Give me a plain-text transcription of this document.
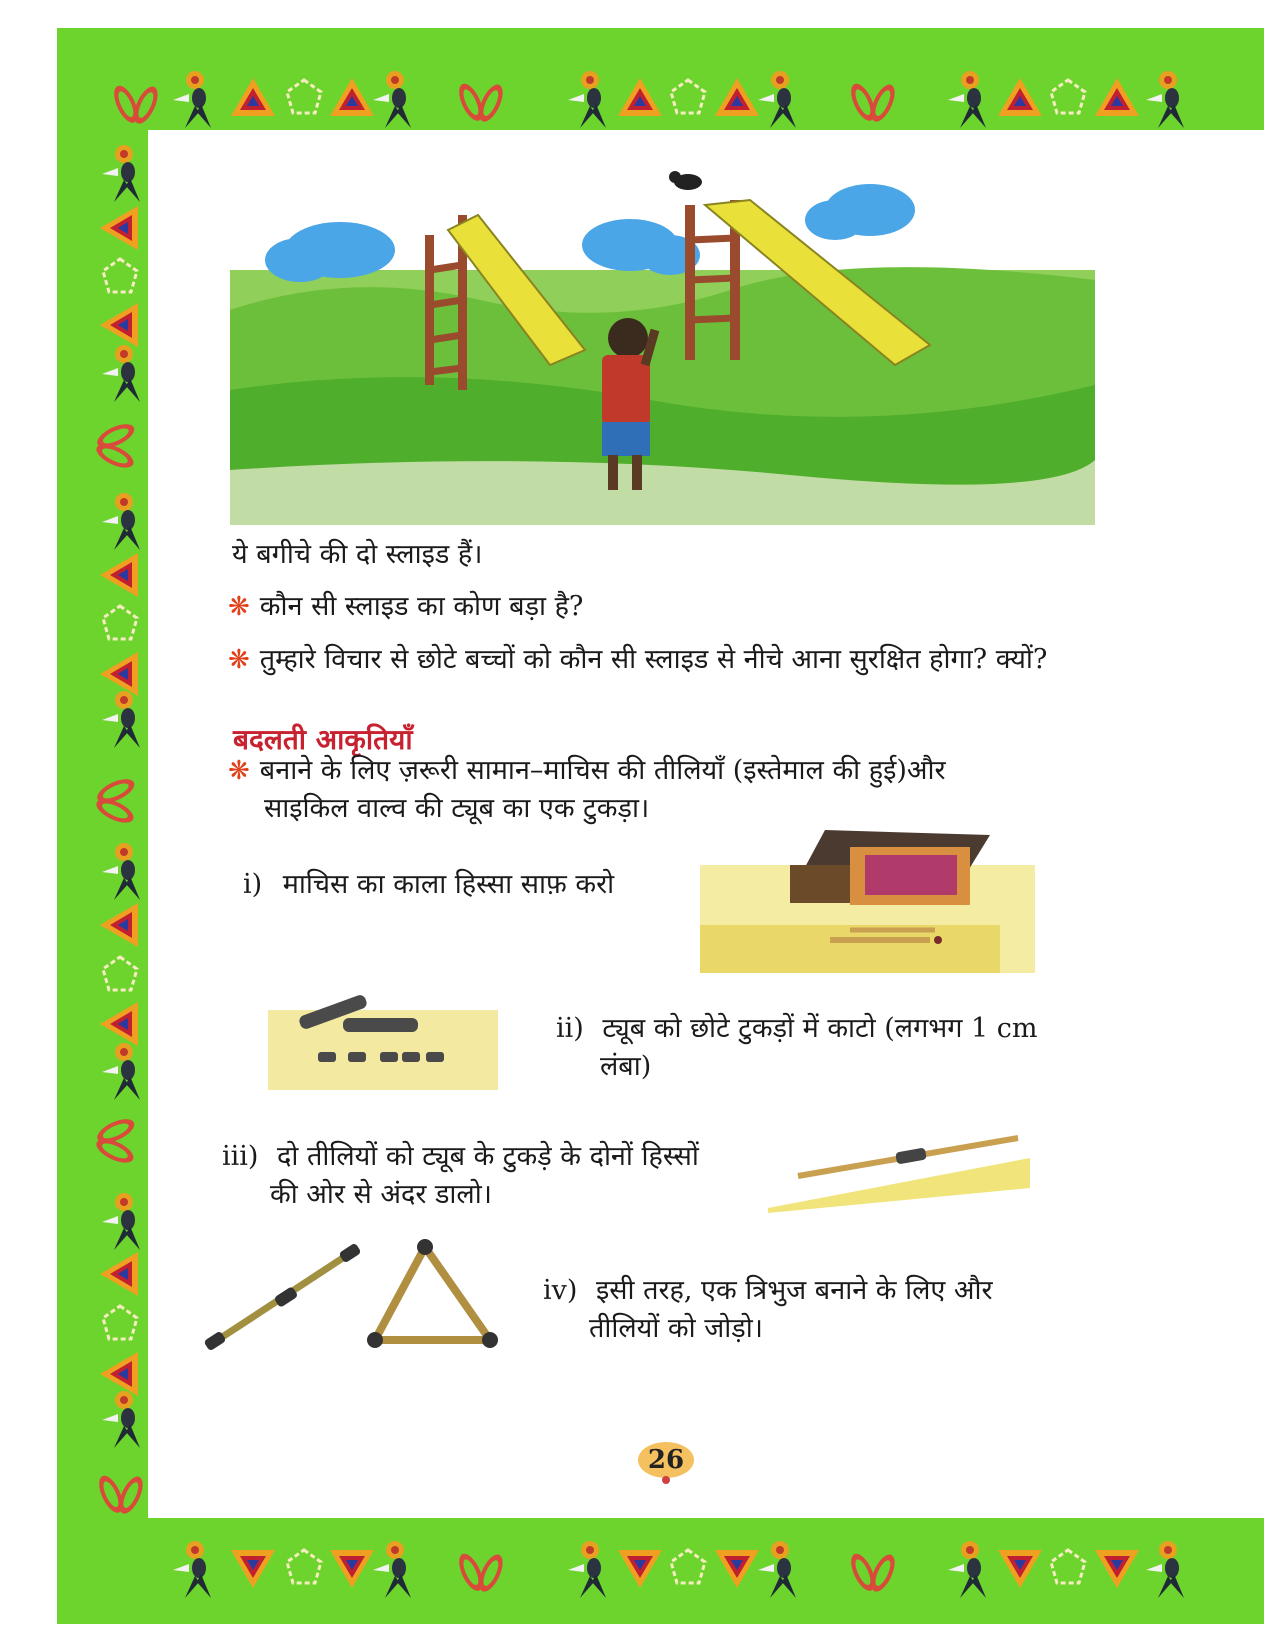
ये बगीचे की दो स्लाइड हैं।
❋ कौन सी स्लाइड का कोण बड़ा है?
❋ तुम्हारे विचार से छोटे बच्चों को कौन सी स्लाइड से नीचे आना सुरक्षित होगा? क्यों?
बदलती आकृतियाँ
❋ बनाने के लिए ज़रूरी सामान–माचिस की तीलियाँ (इस्तेमाल की हुई)और
साइकिल वाल्व की ट्यूब का एक टुकड़ा।
i) माचिस का काला हिस्सा साफ़ करो
ii) ट्यूब को छोटे टुकड़ों में काटो (लगभग 1 cm
लंबा)
iii) दो तीलियों को ट्यूब के टुकड़े के दोनों हिस्सों
की ओर से अंदर डालो।
iv) इसी तरह, एक त्रिभुज बनाने के लिए और
तीलियों को जोड़ो।
26
